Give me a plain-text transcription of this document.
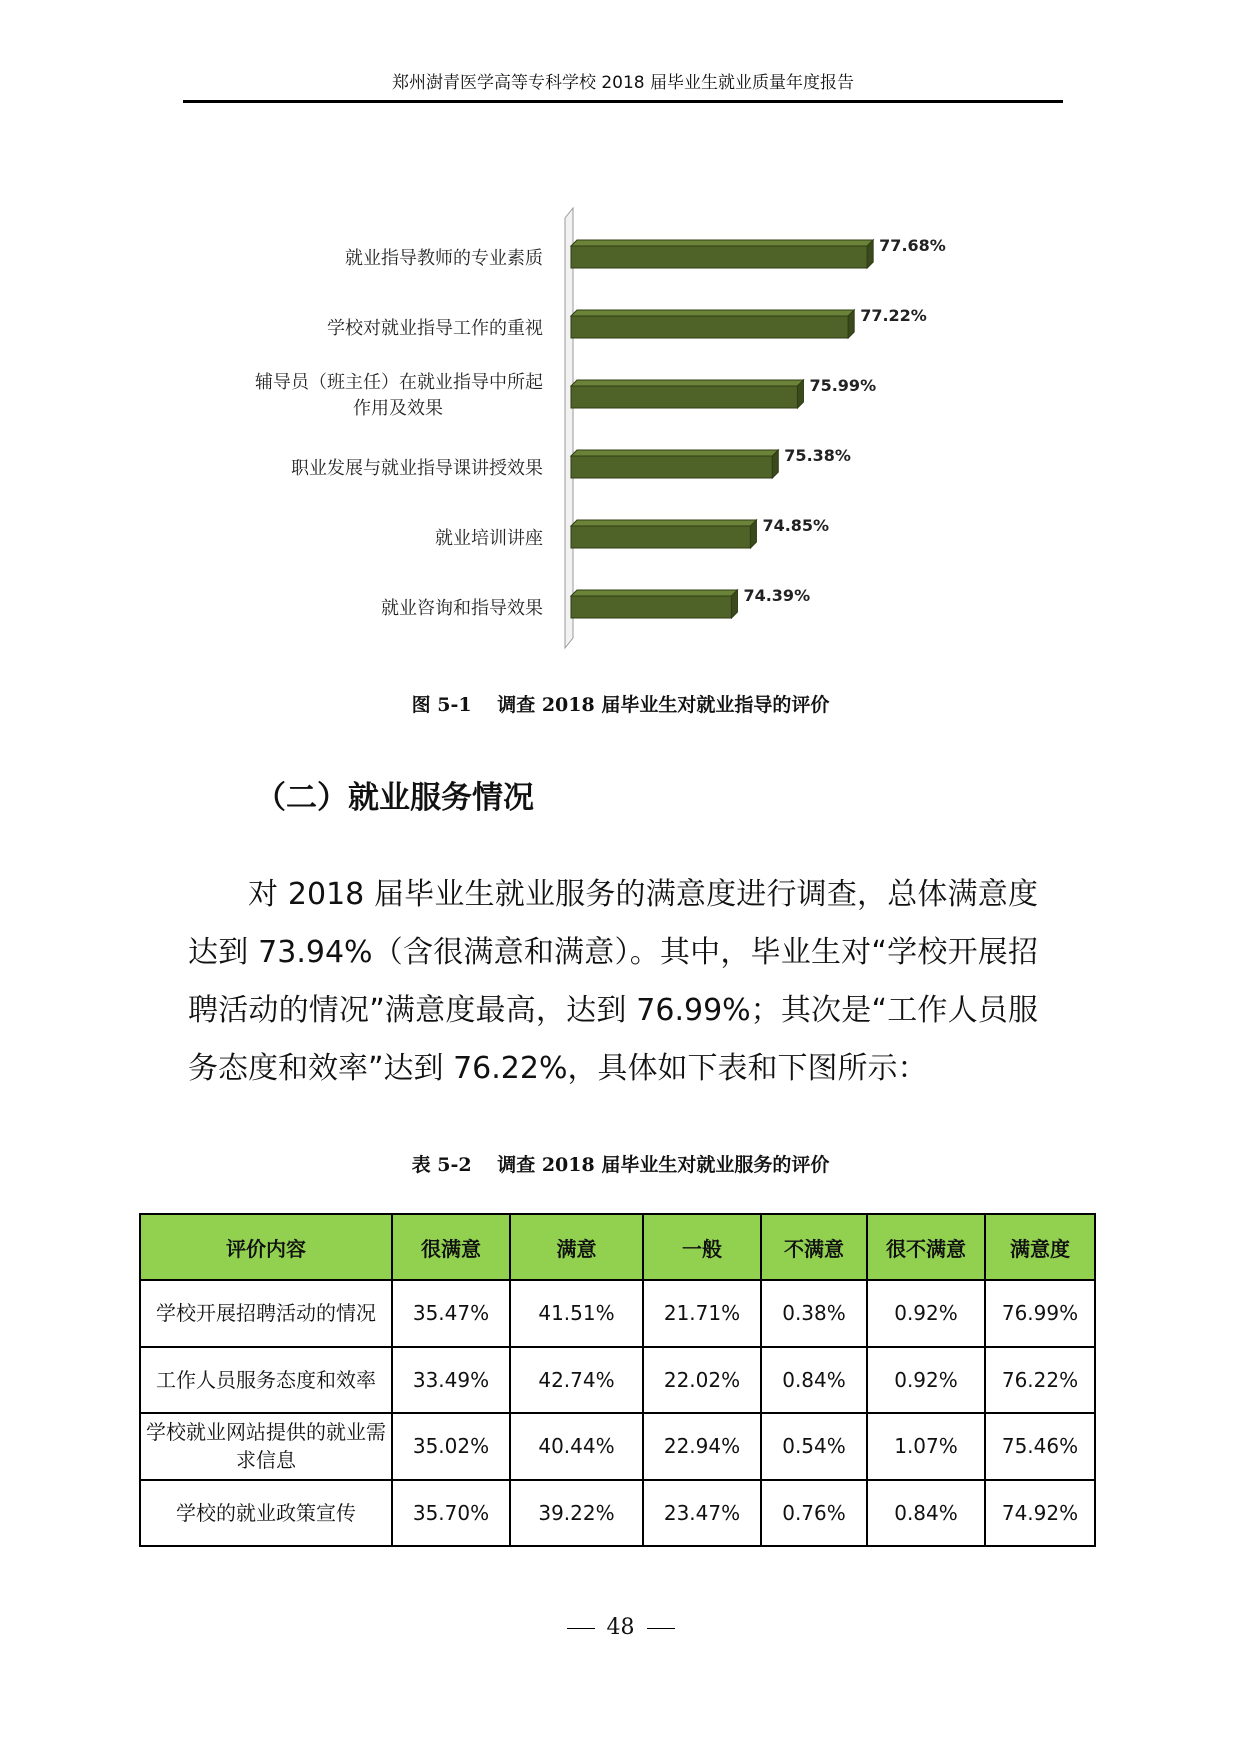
郑州澍青医学高等专科学校 2018 届毕业生就业质量年度报告
77.68%
就业指导教师的专业素质
77.22%
学校对就业指导工作的重视
75.99%
辅导员（班主任）在就业指导中所起
作用及效果
75.38%
职业发展与就业指导课讲授效果
74.85%
就业培训讲座
74.39%
就业咨询和指导效果
图 5-1　 调查 2018 届毕业生对就业指导的评价
（二）就业服务情况
对 2018 届毕业生就业服务的满意度进行调查，总体满意度达到 73.94%（含很满意和满意）。其中，毕业生对“学校开展招聘活动的情况”满意度最高，达到 76.99%；其次是“工作人员服务态度和效率”达到 76.22%，具体如下表和下图所示：
表 5-2　 调查 2018 届毕业生对就业服务的评价
评价内容	很满意	满意	一般	不满意	很不满意	满意度
学校开展招聘活动的情况	35.47%	41.51%	21.71%	0.38%	0.92%	76.99%
工作人员服务态度和效率	33.49%	42.74%	22.02%	0.84%	0.92%	76.22%
学校就业网站提供的就业需求信息	35.02%	40.44%	22.94%	0.54%	1.07%	75.46%
学校的就业政策宣传	35.70%	39.22%	23.47%	0.76%	0.84%	74.92%
48
